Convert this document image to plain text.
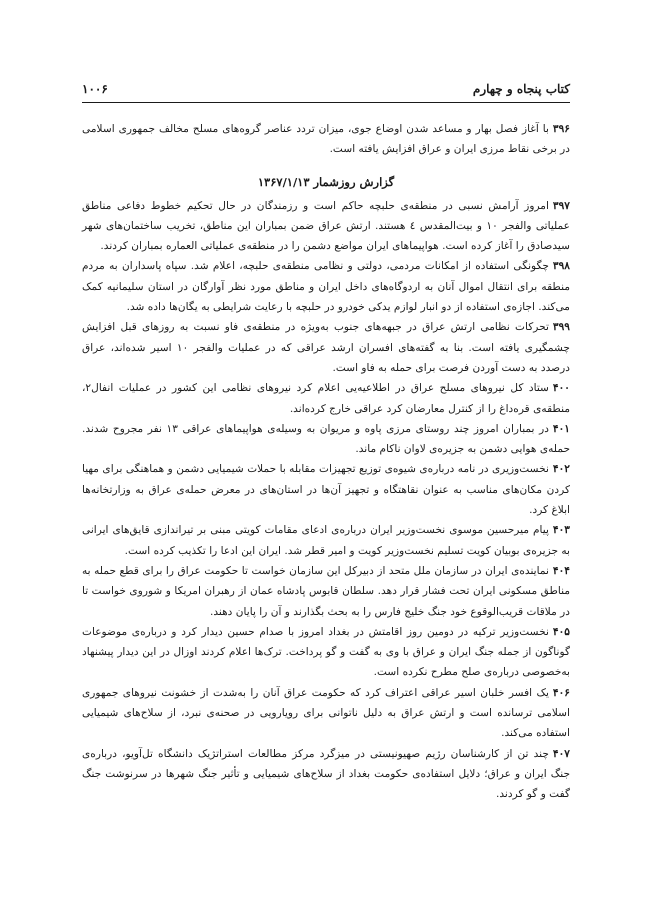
کتاب پنجاه و چهارم
۱۰۰۶
۳۹۶با آغاز فصل بهار و مساعد شدن اوضاع جوی، میزان تردد عناصر گروه‌های مسلح مخالف جمهوری اسلامی در برخی نقاط مرزی ایران و عراق افزایش یافته است.
گزارش روزشمار ۱۳۶۷/۱/۱۳
۳۹۷امروز آرامش نسبی در منطقه‌ی حلبچه حاکم است و رزمندگان در حال تحکیم خطوط دفاعی مناطق عملیاتی والفجر ۱۰ و بیت‌المقدس ٤ هستند. ارتش عراق ضمن بمباران این مناطق، تخریب ساختمان‌های شهر سیدصادق را آغاز کرده است. هواپیماهای ایران مواضع دشمن را در منطقه‌ی عملیاتی العماره بمباران کردند.
۳۹۸چگونگی استفاده از امکانات مردمی، دولتی و نظامی منطقه‌ی حلبچه، اعلام شد. سپاه پاسداران به مردم منطقه برای انتقال اموال آنان به اردوگاه‌های داخل ایران و مناطق مورد نظر آوارگان در استان سلیمانیه کمک می‌کند. اجازه‌ی استفاده از دو انبار لوازم یدکی خودرو در حلبچه با رعایت شرایطی به یگان‌ها داده شد.
۳۹۹تحرکات نظامی ارتش عراق در جبهه‌های جنوب به‌ویژه در منطقه‌ی فاو نسبت به روزهای قبل افزایش چشمگیری یافته است. بنا به گفته‌های افسران ارشد عراقی که در عملیات والفجر ۱۰ اسیر شده‌اند، عراق درصدد به دست آوردن فرصت برای حمله به فاو است.
۴۰۰ستاد کل نیروهای مسلح عراق در اطلاعیه‌یی اعلام کرد نیروهای نظامی این کشور در عملیات انفال۲، منطقه‌ی قره‌داغ را از کنترل معارضان کرد عراقی خارج کرده‌اند.
۴۰۱در بمباران امروز چند روستای مرزی پاوه و مریوان به وسیله‌ی هواپیماهای عراقی ۱۳ نفر مجروح شدند. حمله‌ی هوایی دشمن به جزیره‌ی لاوان ناکام ماند.
۴۰۲نخست‌وزیری در نامه درباره‌ی شیوه‌ی توزیع تجهیزات مقابله با حملات شیمیایی دشمن و هماهنگی برای مهیا کردن مکان‌های مناسب به عنوان نقاهتگاه و تجهیز آن‌ها در استان‌های در معرض حمله‌ی عراق به وزارتخانه‌ها ابلاغ کرد.
۴۰۳پیام میرحسین موسوی نخست‌وزیر ایران درباره‌ی ادعای مقامات کویتی مبنی بر تیراندازی قایق‌های ایرانی به جزیره‌ی بوبیان کویت تسلیم نخست‌وزیر کویت و امیر قطر شد. ایران این ادعا را تکذیب کرده است.
۴۰۴نماینده‌ی ایران در سازمان ملل متحد از دبیرکل این سازمان خواست تا حکومت عراق را برای قطع حمله به مناطق مسکونی ایران تحت فشار قرار دهد. سلطان قابوس پادشاه عمان از رهبران امریکا و شوروی خواست تا در ملاقات قریب‌الوقوع خود جنگ خلیج فارس را به بحث بگذارند و آن را پایان دهند.
۴۰۵نخست‌وزیر ترکیه در دومین روز اقامتش در بغداد امروز با صدام حسین دیدار کرد و درباره‌ی موضوعات گوناگون از جمله جنگ ایران و عراق با وی به گفت و گو پرداخت. ترک‌ها اعلام کردند اوزال در این دیدار پیشنهاد به‌خصوصی درباره‌ی صلح مطرح نکرده است.
۴۰۶یک افسر خلبان اسیر عراقی اعتراف کرد که حکومت عراق آنان را به‌شدت از خشونت نیروهای جمهوری اسلامی ترسانده است و ارتش عراق به دلیل ناتوانی برای رویارویی در صحنه‌ی نبرد، از سلاح‌های شیمیایی استفاده می‌کند.
۴۰۷چند تن از کارشناسان رژیم صهیونیستی در میزگرد مرکز مطالعات استراتژیک دانشگاه تل‌آویو، درباره‌ی جنگ ایران و عراق؛ دلایل استفاده‌ی حکومت بغداد از سلاح‌های شیمیایی و تأثیر جنگ شهرها در سرنوشت جنگ گفت و گو کردند.
